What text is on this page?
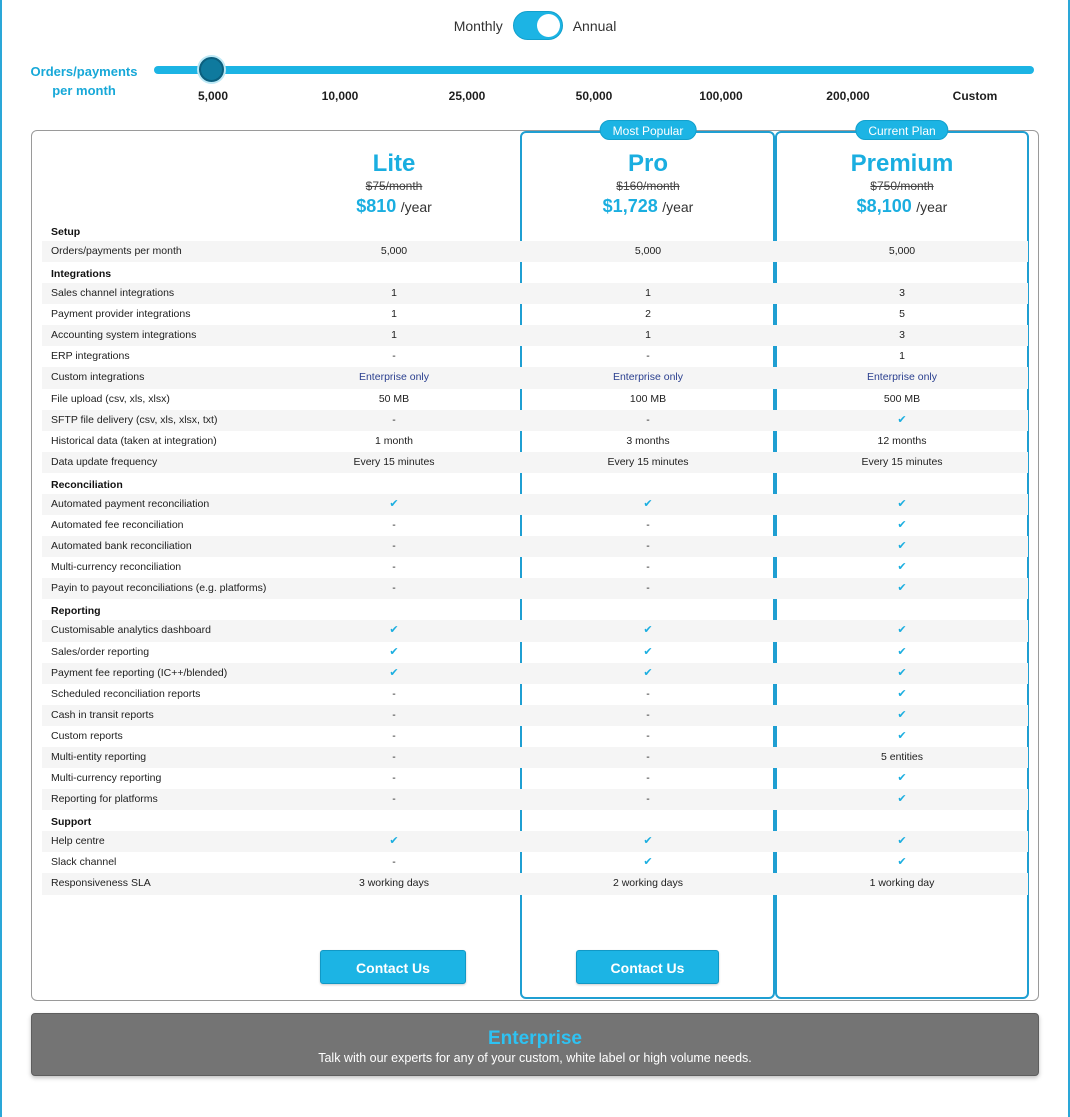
Monthly	Annual
Orders/payments per month	5,000	10,000	25,000	50,000	100,000	200,000	Custom
Most Popular	Current Plan
Lite
$75/month
$810 /year
Pro
$160/month
$1,728 /year
Premium
$750/month
$8,100 /year
Setup
Orders/payments per month	5,000	5,000	5,000
Integrations
Sales channel integrations	1	1	3
Payment provider integrations	1	2	5
Accounting system integrations	1	1	3
ERP integrations	-	-	1
Custom integrations	Enterprise only	Enterprise only	Enterprise only
File upload (csv, xls, xlsx)	50 MB	100 MB	500 MB
SFTP file delivery (csv, xls, xlsx, txt)	-	-	✔
Historical data (taken at integration)	1 month	3 months	12 months
Data update frequency	Every 15 minutes	Every 15 minutes	Every 15 minutes
Reconciliation
Automated payment reconciliation	✔	✔	✔
Automated fee reconciliation	-	-	✔
Automated bank reconciliation	-	-	✔
Multi-currency reconciliation	-	-	✔
Payin to payout reconciliations (e.g. platforms)	-	-	✔
Reporting
Customisable analytics dashboard	✔	✔	✔
Sales/order reporting	✔	✔	✔
Payment fee reporting (IC++/blended)	✔	✔	✔
Scheduled reconciliation reports	-	-	✔
Cash in transit reports	-	-	✔
Custom reports	-	-	✔
Multi-entity reporting	-	-	5 entities
Multi-currency reporting	-	-	✔
Reporting for platforms	-	-	✔
Support
Help centre	✔	✔	✔
Slack channel	-	✔	✔
Responsiveness SLA	3 working days	2 working days	1 working day
Contact Us	Contact Us
Enterprise
Talk with our experts for any of your custom, white label or high volume needs.
